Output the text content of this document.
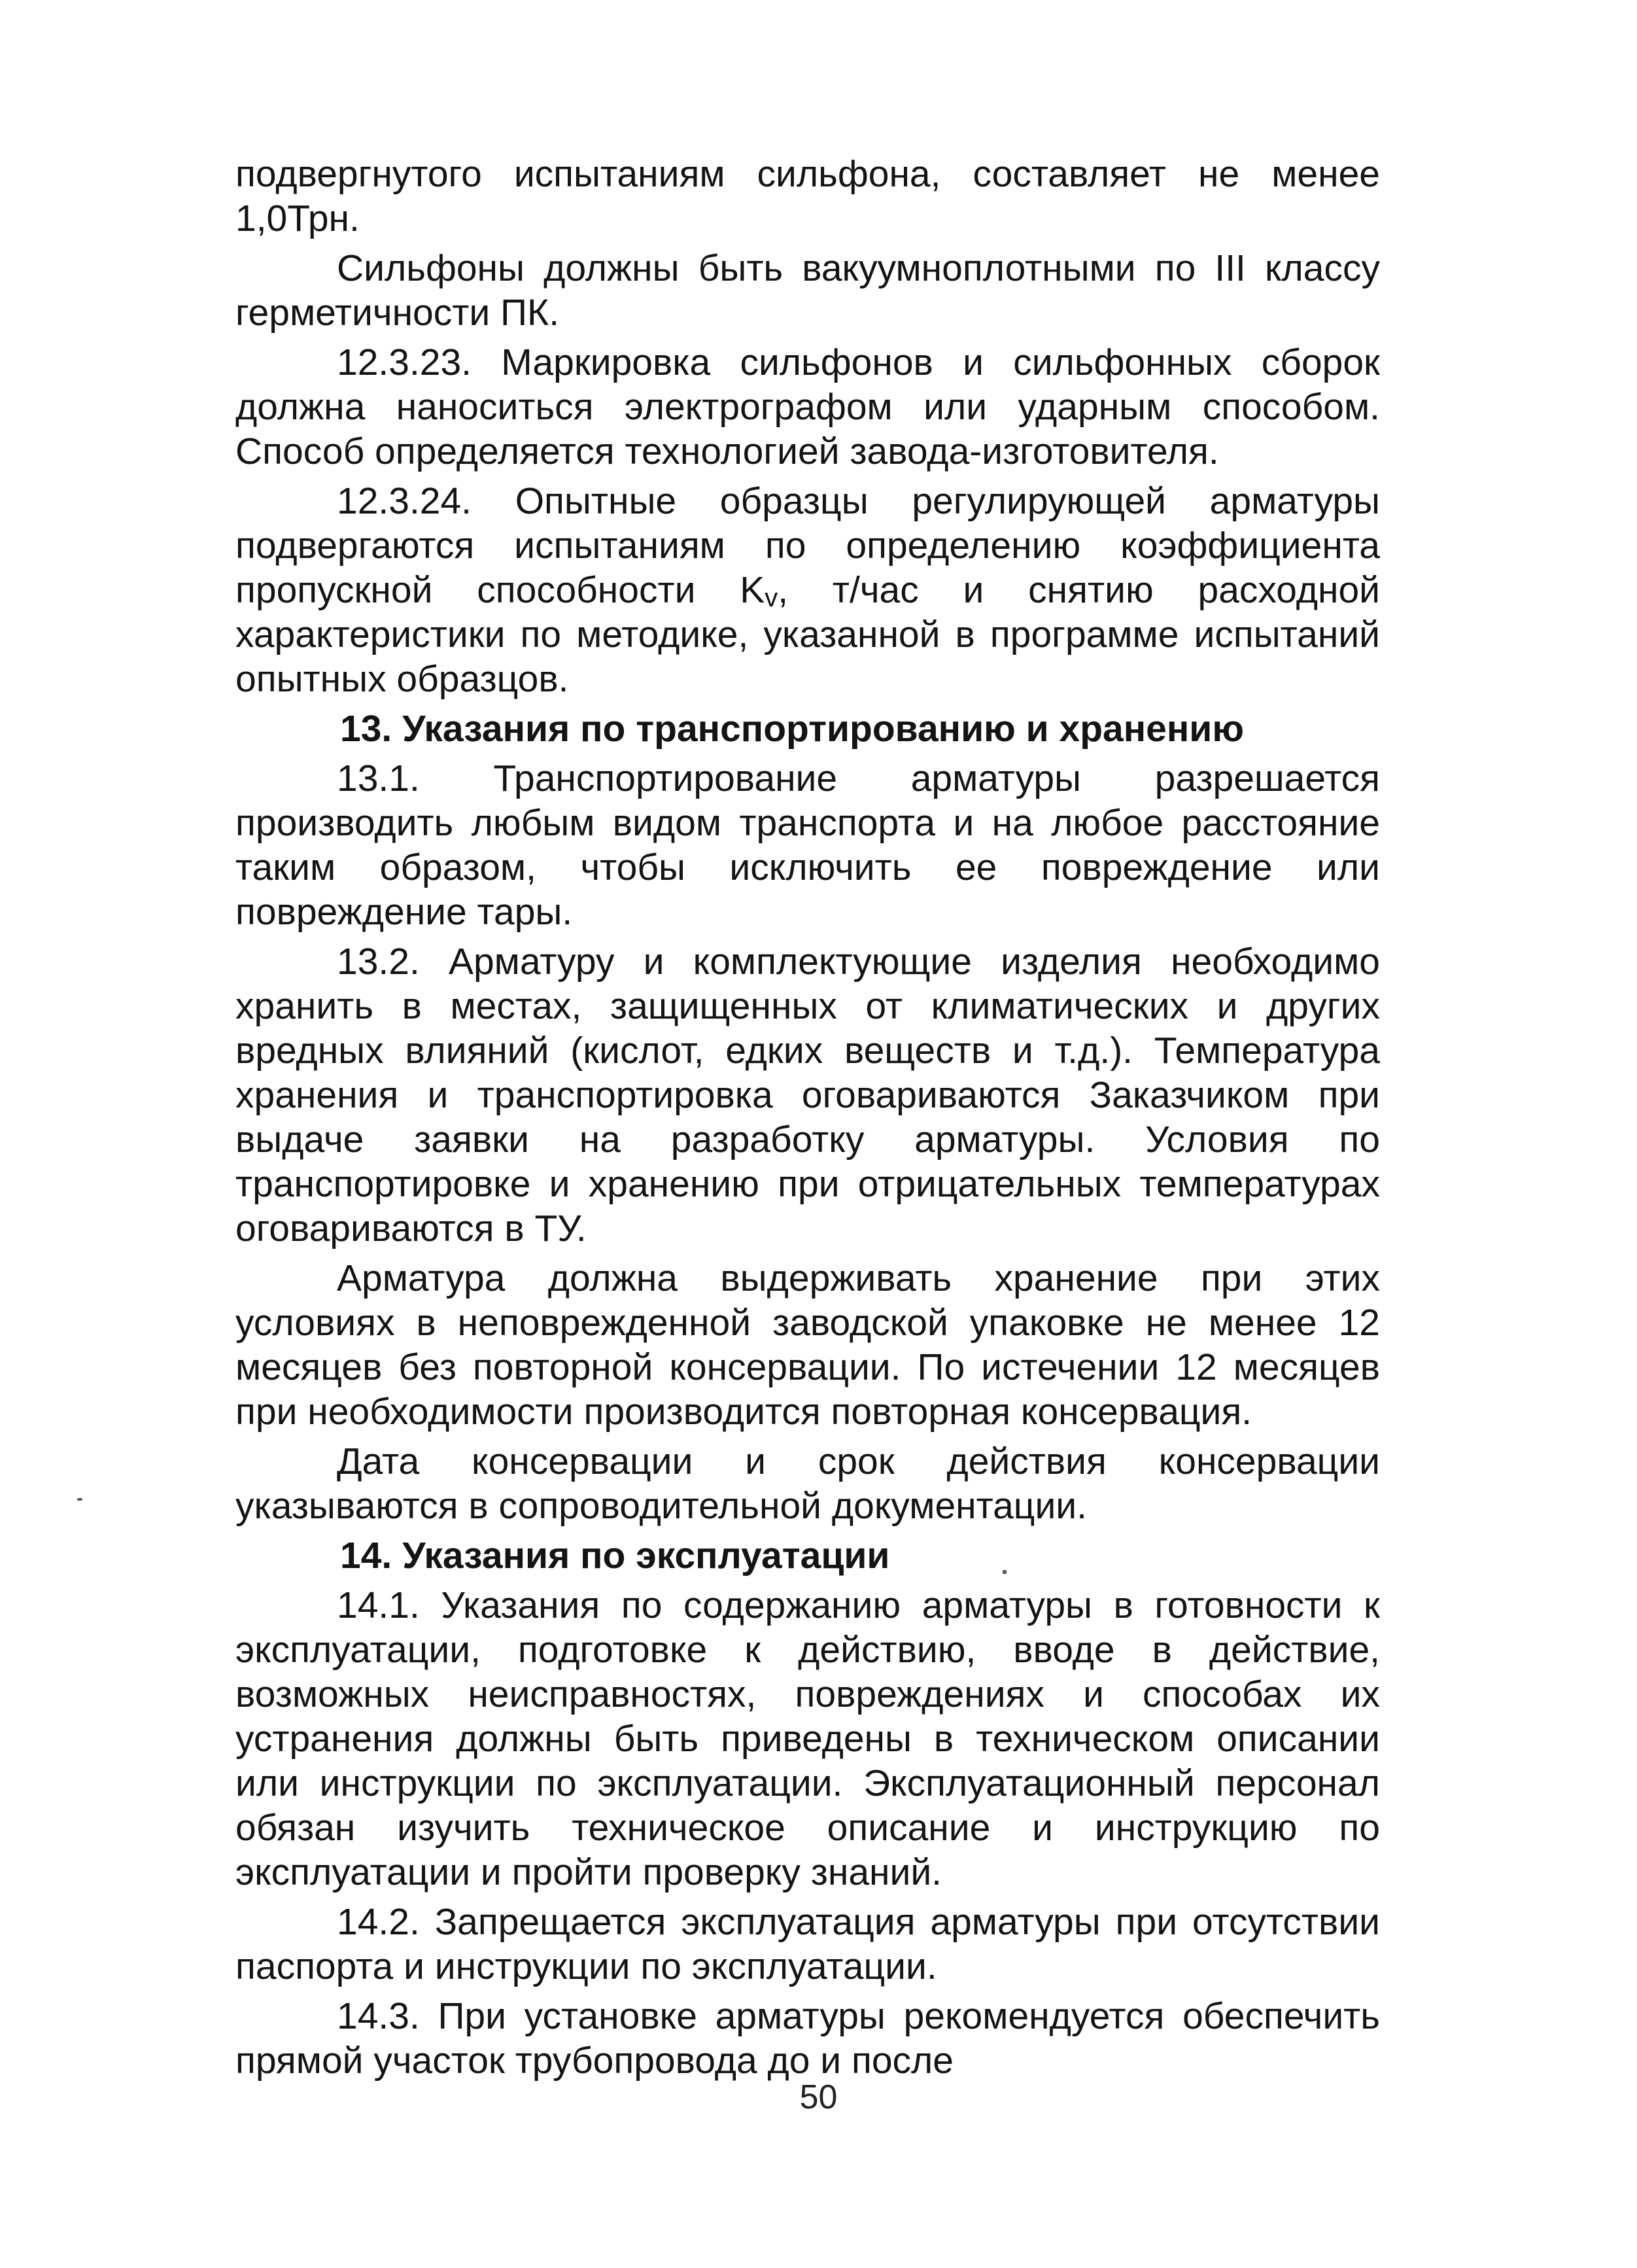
подвергнутого испытаниям сильфона, составляет не менее 1,0Трн.

Сильфоны должны быть вакуумноплотными по III классу герметичности ПК.

12.3.23. Маркировка сильфонов и сильфонных сборок должна наноситься электрографом или ударным способом. Способ определяется технологией завода-изготовителя.

12.3.24. Опытные образцы регулирующей арматуры подвергаются испытаниям по определению коэффициента пропускной способности $K_v$, т/час и снятию расходной характеристики по методике, указанной в программе испытаний опытных образцов.

13. Указания по транспортированию и хранению

13.1. Транспортирование арматуры разрешается производить любым видом транспорта и на любое расстояние таким образом, чтобы исключить ее повреждение или повреждение тары.

13.2. Арматуру и комплектующие изделия необходимо хранить в местах, защищенных от климатических и других вредных влияний (кислот, едких веществ и т.д.). Температура хранения и транспортировка оговариваются Заказчиком при выдаче заявки на разработку арматуры. Условия по транспортировке и хранению при отрицательных температурах оговариваются в ТУ.

Арматура должна выдерживать хранение при этих условиях в неповрежденной заводской упаковке не менее 12 месяцев без повторной консервации. По истечении 12 месяцев при необходимости производится повторная консервация.

Дата консервации и срок действия консервации указываются в сопроводительной документации.

14. Указания по эксплуатации

14.1. Указания по содержанию арматуры в готовности к эксплуатации, подготовке к действию, вводе в действие, возможных неисправностях, повреждениях и способах их устранения должны быть приведены в техническом описании или инструкции по эксплуатации. Эксплуатационный персонал обязан изучить техническое описание и инструкцию по эксплуатации и пройти проверку знаний.

14.2. Запрещается эксплуатация арматуры при отсутствии паспорта и инструкции по эксплуатации.

14.3. При установке арматуры рекомендуется обеспечить прямой участок трубопровода до и после

50
